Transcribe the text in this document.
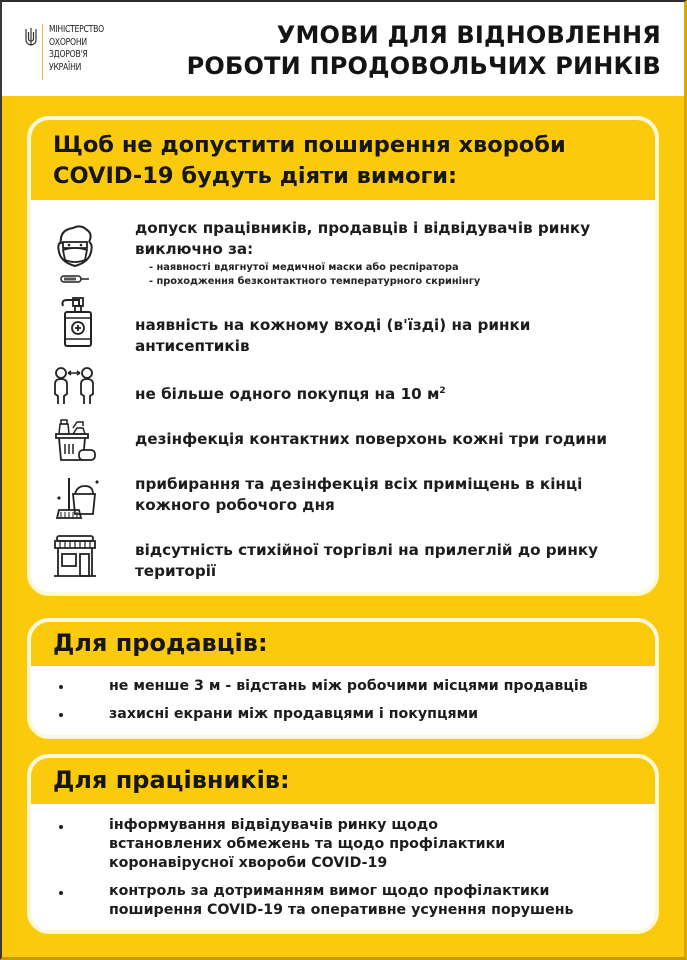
МІНІСТЕРСТВО
ОХОРОНИ
ЗДОРОВ'Я
УКРАЇНИ
УМОВИ ДЛЯ ВІДНОВЛЕННЯ
РОБОТИ ПРОДОВОЛЬЧИХ РИНКІВ
Щоб не допустити поширення хвороби
COVID-19 будуть діяти вимоги:
допуск працівників, продавців і відвідувачів ринку виключно за:
- наявності вдягнутої медичної маски або респіратора
- проходження безконтактного температурного скринінгу
наявність на кожному вході (в'їзді) на ринки антисептиків
не більше одного покупця на 10 $м^2$
дезінфекція контактних поверхонь кожні три години
прибирання та дезінфекція всіх приміщень в кінці кожного робочого дня
відсутність стихійної торгівлі на прилеглій до ринку території
Для продавців:
не менше 3 м - відстань між робочими місцями продавців
захисні екрани між продавцями і покупцями
Для працівників:
інформування відвідувачів ринку щодо встановлених обмежень та щодо профілактики коронавірусної хвороби COVID-19
контроль за дотриманням вимог щодо профілактики поширення COVID-19 та оперативне усунення порушень
